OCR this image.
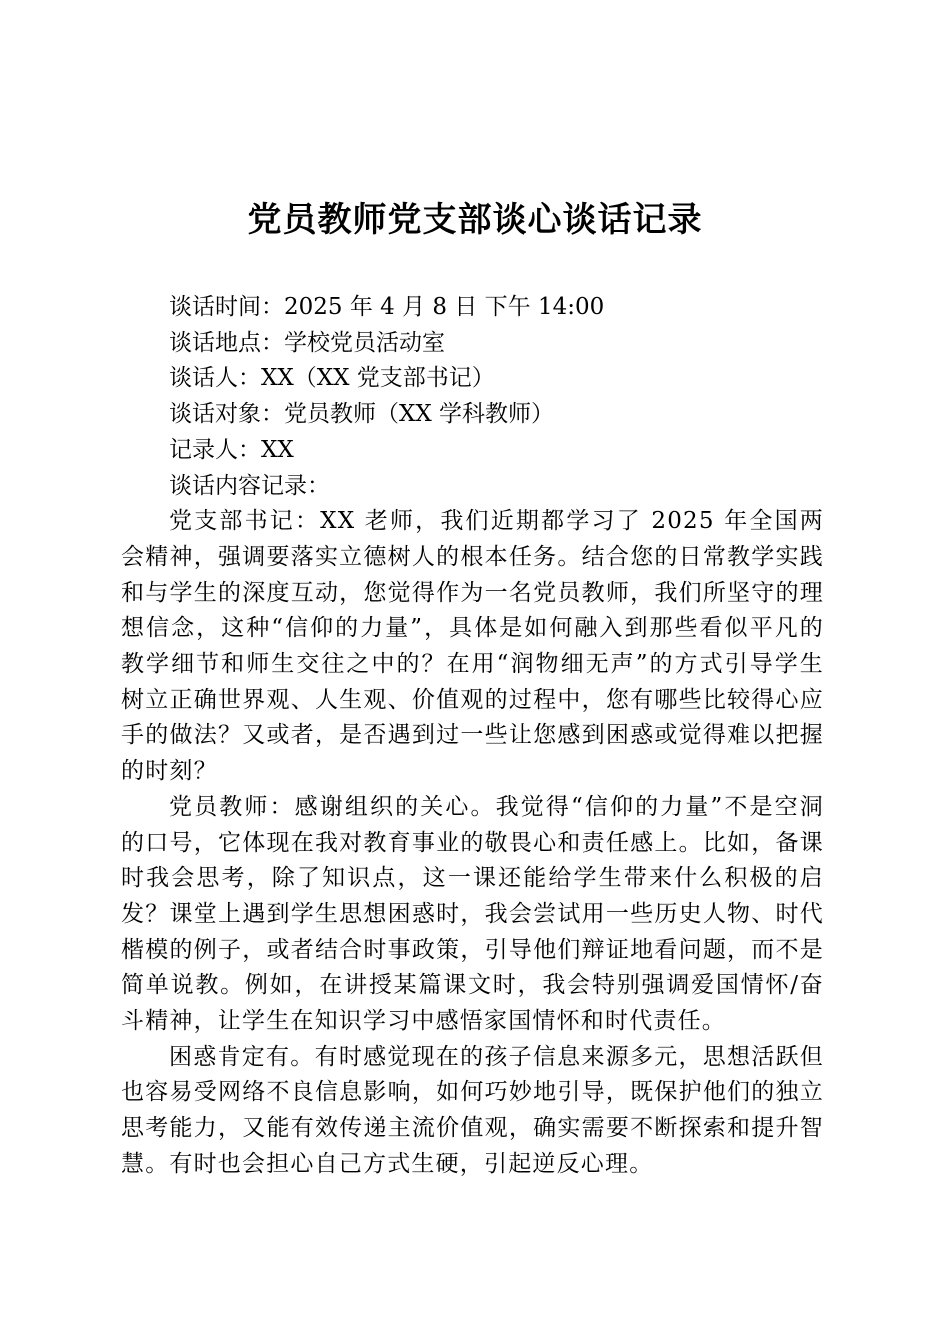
党员教师党支部谈心谈话记录

谈话时间：2025 年 4 月 8 日 下午 14:00

谈话地点：学校党员活动室

谈话人：XX（XX 党支部书记）

谈话对象：党员教师（XX 学科教师）

记录人：XX

谈话内容记录：

党支部书记：XX 老师，我们近期都学习了 2025 年全国两会精神，强调要落实立德树人的根本任务。结合您的日常教学实践和与学生的深度互动，您觉得作为一名党员教师，我们所坚守的理想信念，这种“信仰的力量”，具体是如何融入到那些看似平凡的教学细节和师生交往之中的？在用“润物细无声”的方式引导学生树立正确世界观、人生观、价值观的过程中，您有哪些比较得心应手的做法？又或者，是否遇到过一些让您感到困惑或觉得难以把握的时刻？

党员教师：感谢组织的关心。我觉得“信仰的力量”不是空洞的口号，它体现在我对教育事业的敬畏心和责任感上。比如，备课时我会思考，除了知识点，这一课还能给学生带来什么积极的启发？课堂上遇到学生思想困惑时，我会尝试用一些历史人物、时代楷模的例子，或者结合时事政策，引导他们辩证地看问题，而不是简单说教。例如，在讲授某篇课文时，我会特别强调爱国情怀/奋斗精神，让学生在知识学习中感悟家国情怀和时代责任。

困惑肯定有。有时感觉现在的孩子信息来源多元，思想活跃但也容易受网络不良信息影响，如何巧妙地引导，既保护他们的独立思考能力，又能有效传递主流价值观，确实需要不断探索和提升智慧。有时也会担心自己方式生硬，引起逆反心理。
